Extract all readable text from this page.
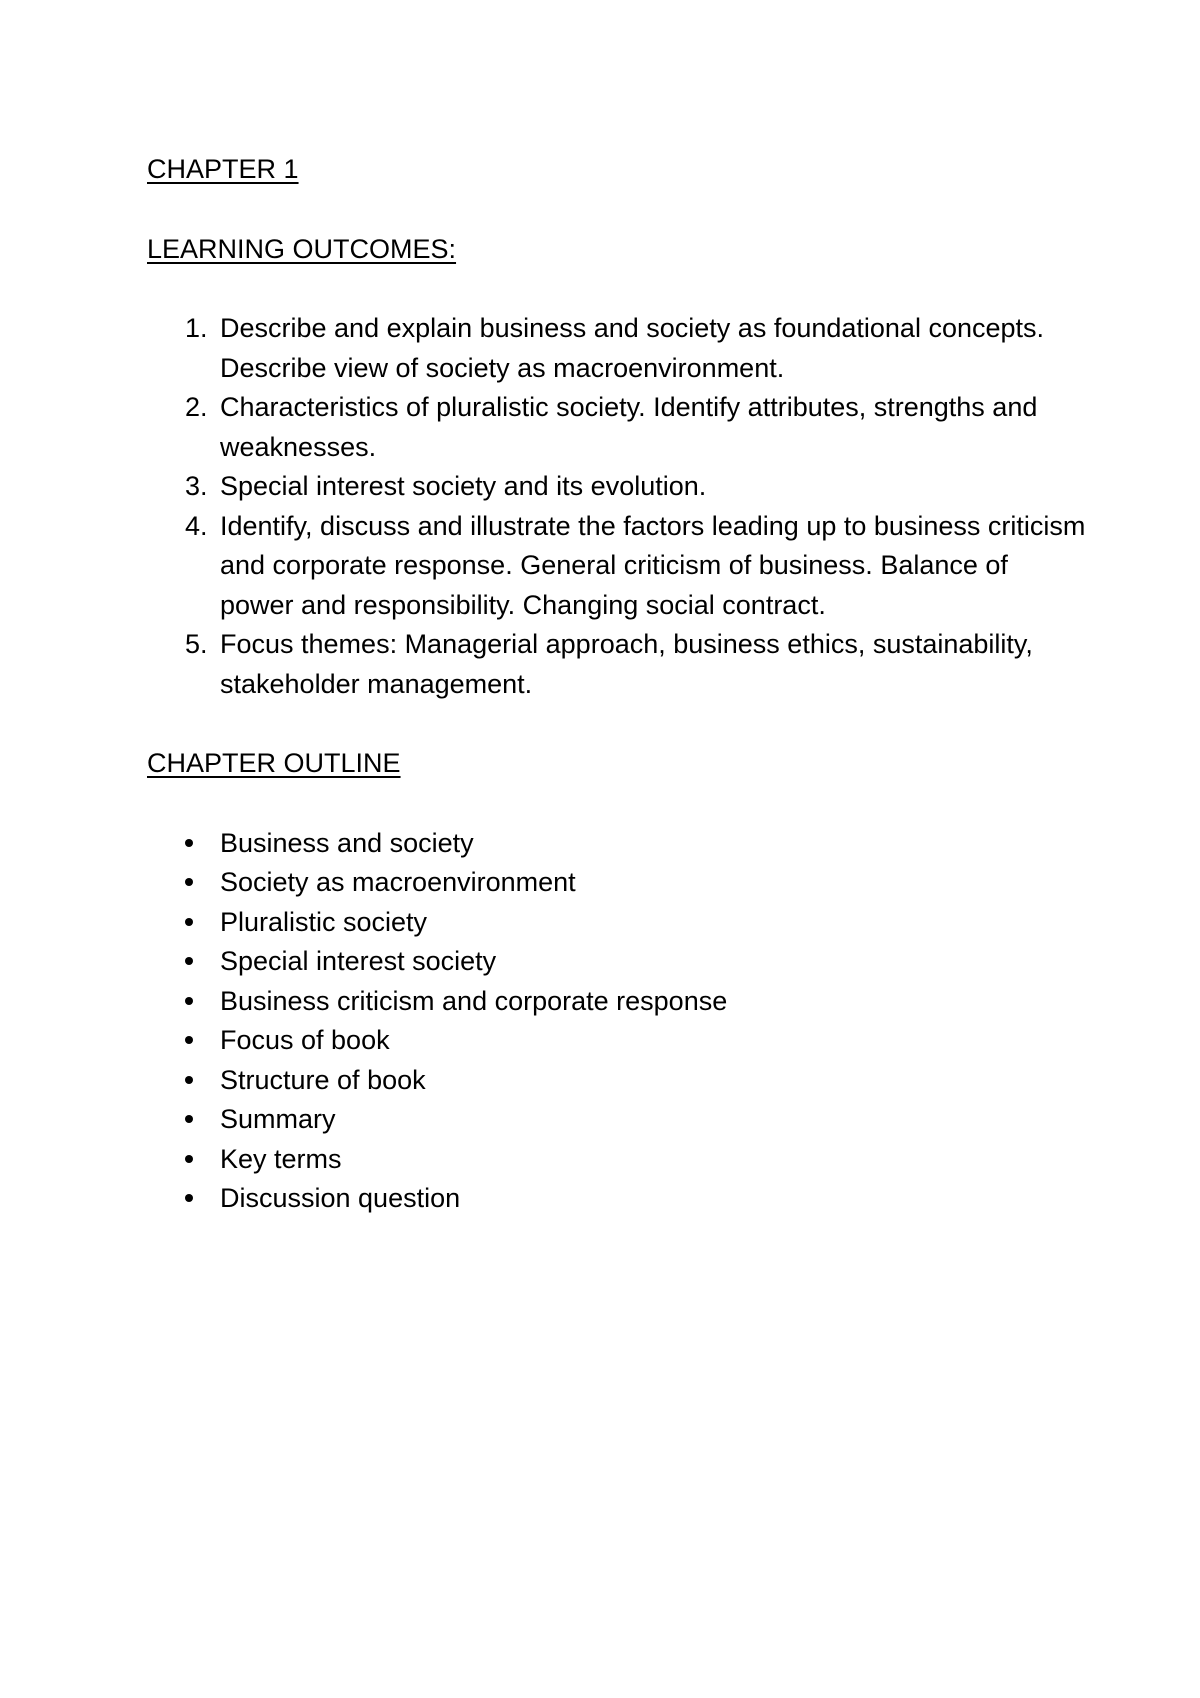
CHAPTER 1
LEARNING OUTCOMES:
1. Describe and explain business and society as foundational concepts. Describe view of society as macroenvironment.
2. Characteristics of pluralistic society. Identify attributes, strengths and weaknesses.
3. Special interest society and its evolution.
4. Identify, discuss and illustrate the factors leading up to business criticism and corporate response. General criticism of business. Balance of power and responsibility. Changing social contract.
5. Focus themes: Managerial approach, business ethics, sustainability, stakeholder management.
CHAPTER OUTLINE
Business and society
Society as macroenvironment
Pluralistic society
Special interest society
Business criticism and corporate response
Focus of book
Structure of book
Summary
Key terms
Discussion question
